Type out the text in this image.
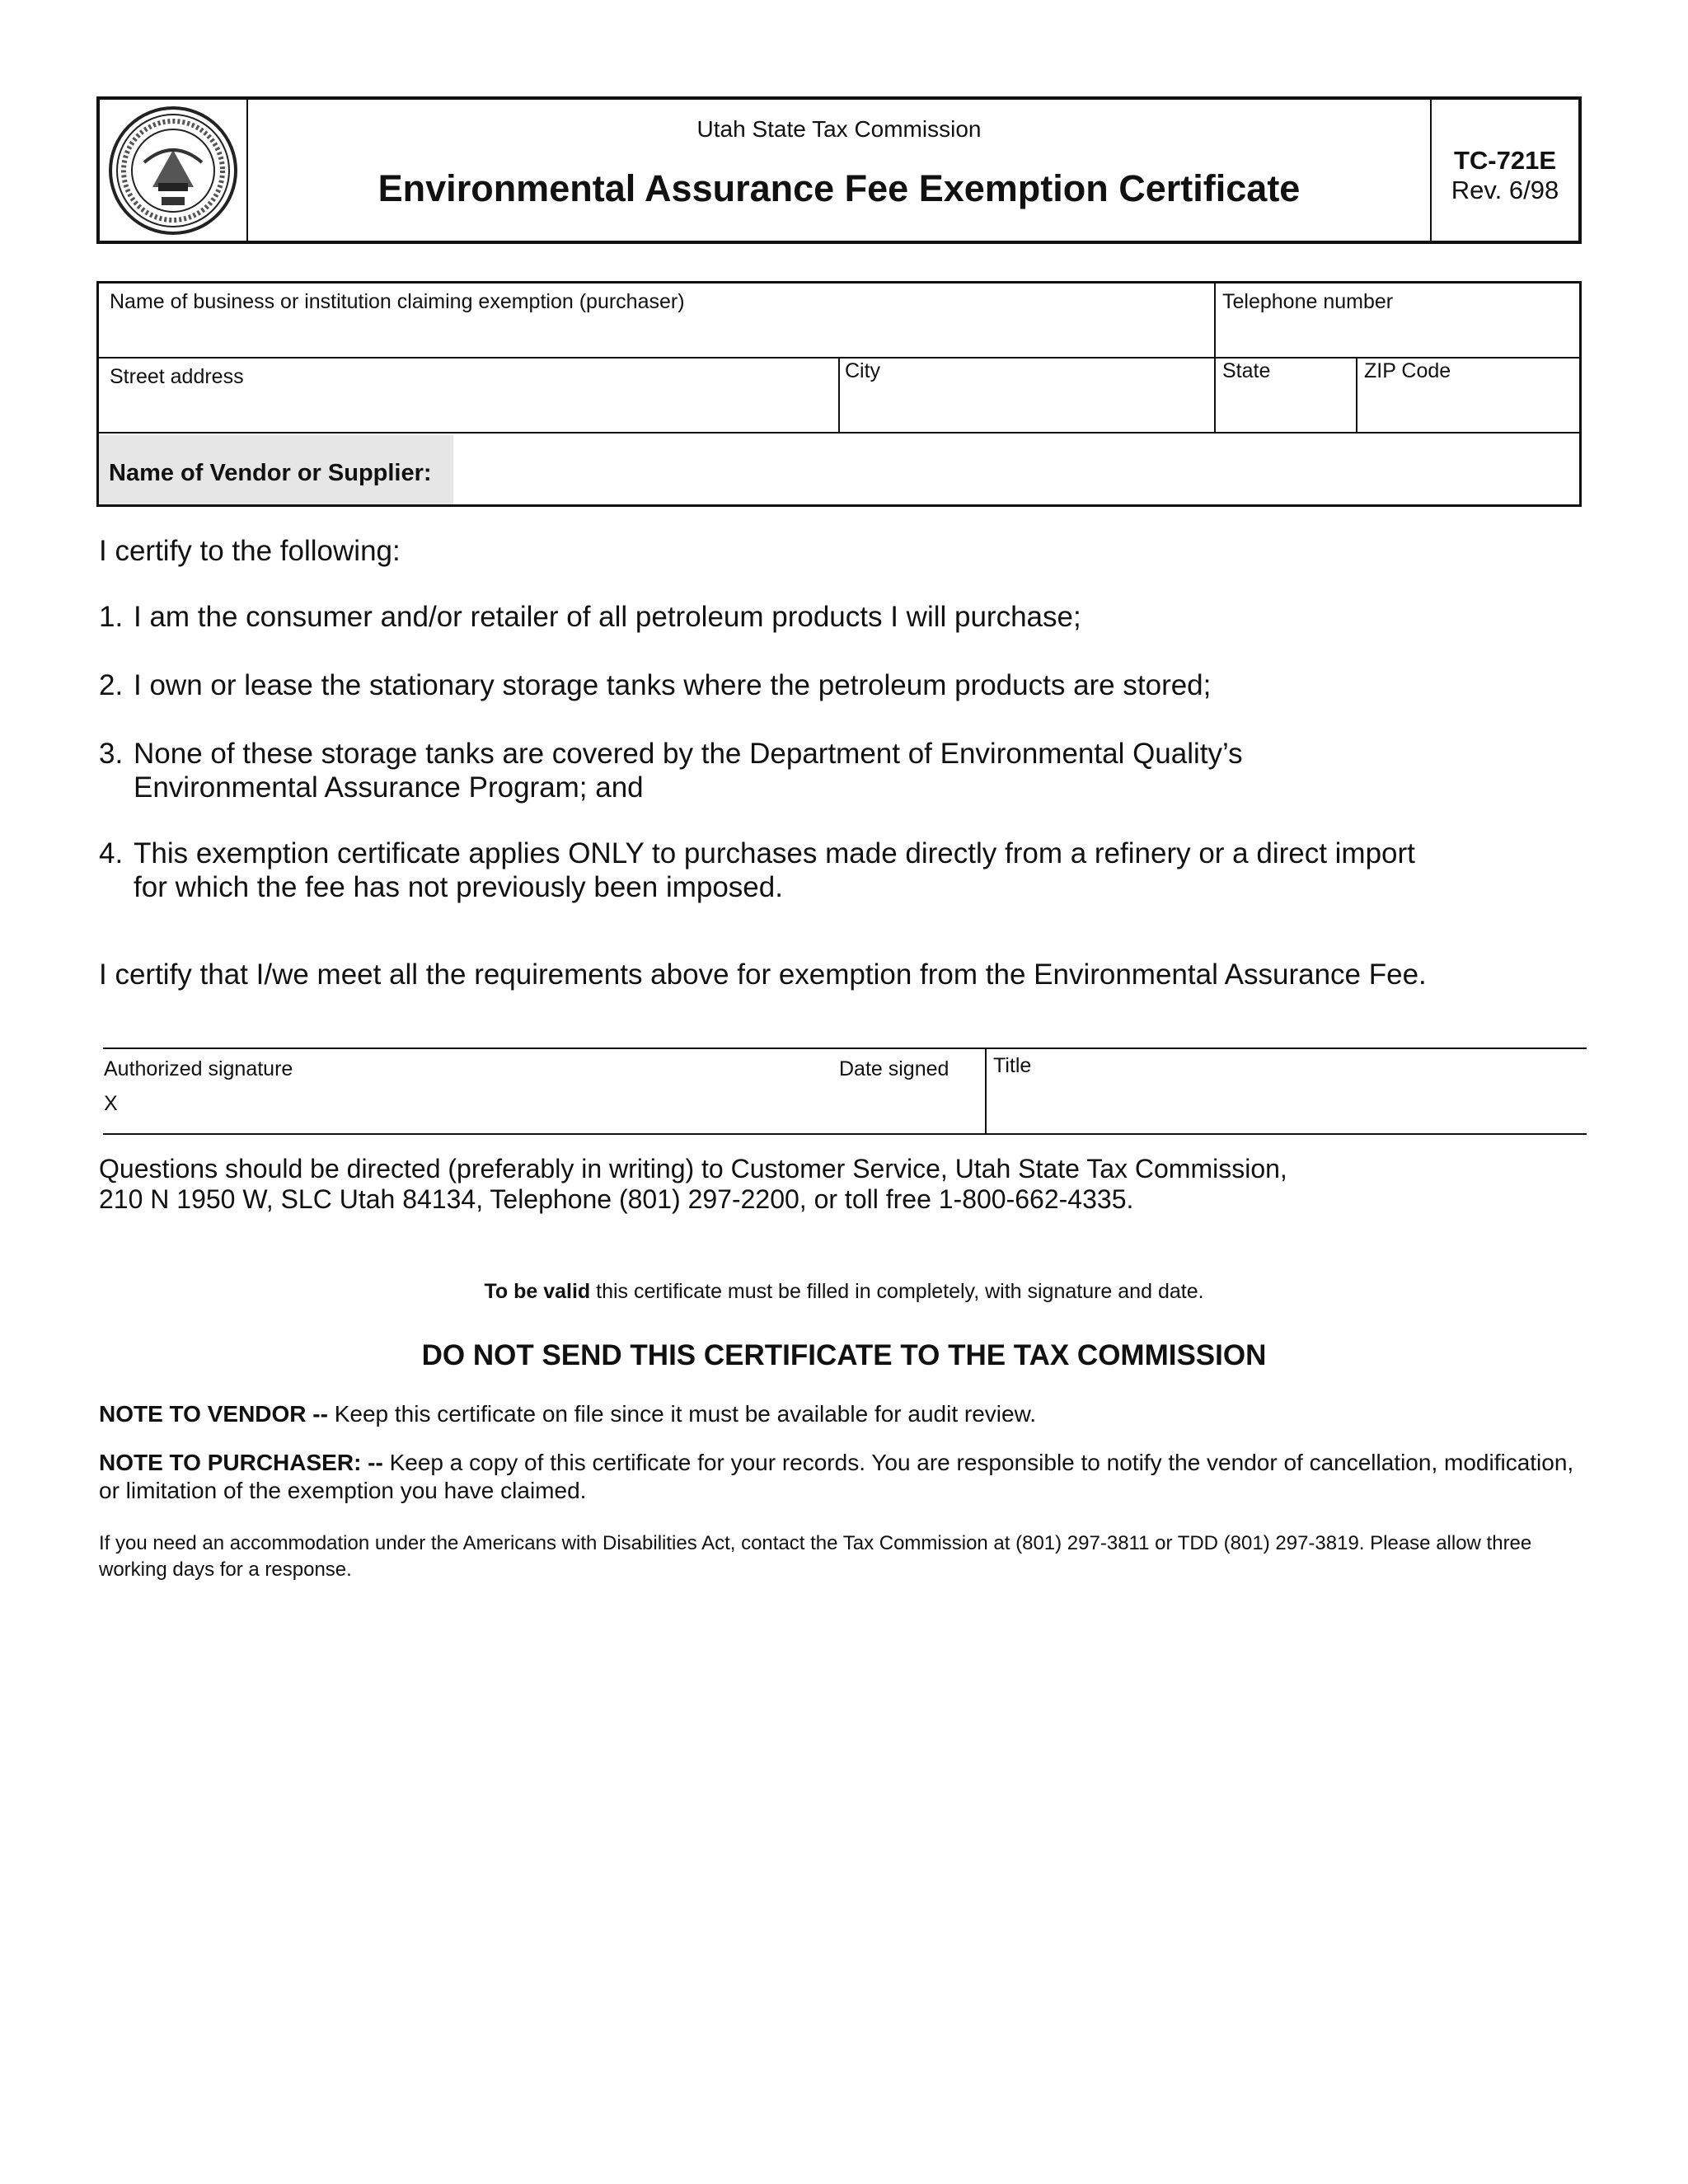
Utah State Tax Commission
Environmental Assurance Fee Exemption Certificate
TC-721E
Rev. 6/98
Name of business or institution claiming exemption (purchaser)	Telephone number
Street address	City	State	ZIP Code
Name of Vendor or Supplier:
I certify to the following:
1. I am the consumer and/or retailer of all petroleum products I will purchase;
2. I own or lease the stationary storage tanks where the petroleum products are stored;
3. None of these storage tanks are covered by the Department of Environmental Quality’s
Environmental Assurance Program; and
4. This exemption certificate applies ONLY to purchases made directly from a refinery or a direct import
for which the fee has not previously been imposed.
I certify that I/we meet all the requirements above for exemption from the Environmental Assurance Fee.
Authorized signature
X
Date signed Title
Questions should be directed (preferably in writing) to Customer Service, Utah State Tax Commission,
210 N 1950 W, SLC Utah 84134, Telephone (801) 297-2200, or toll free 1-800-662-4335.
To be valid this certificate must be filled in completely, with signature and date.
DO NOT SEND THIS CERTIFICATE TO THE TAX COMMISSION
NOTE TO VENDOR -- Keep this certificate on file since it must be available for audit review.
NOTE TO PURCHASER: -- Keep a copy of this certificate for your records. You are responsible to notify the vendor of cancellation, modification, or limitation of the exemption you have claimed.
If you need an accommodation under the Americans with Disabilities Act, contact the Tax Commission at (801) 297-3811 or TDD (801) 297-3819. Please allow three working days for a response.
